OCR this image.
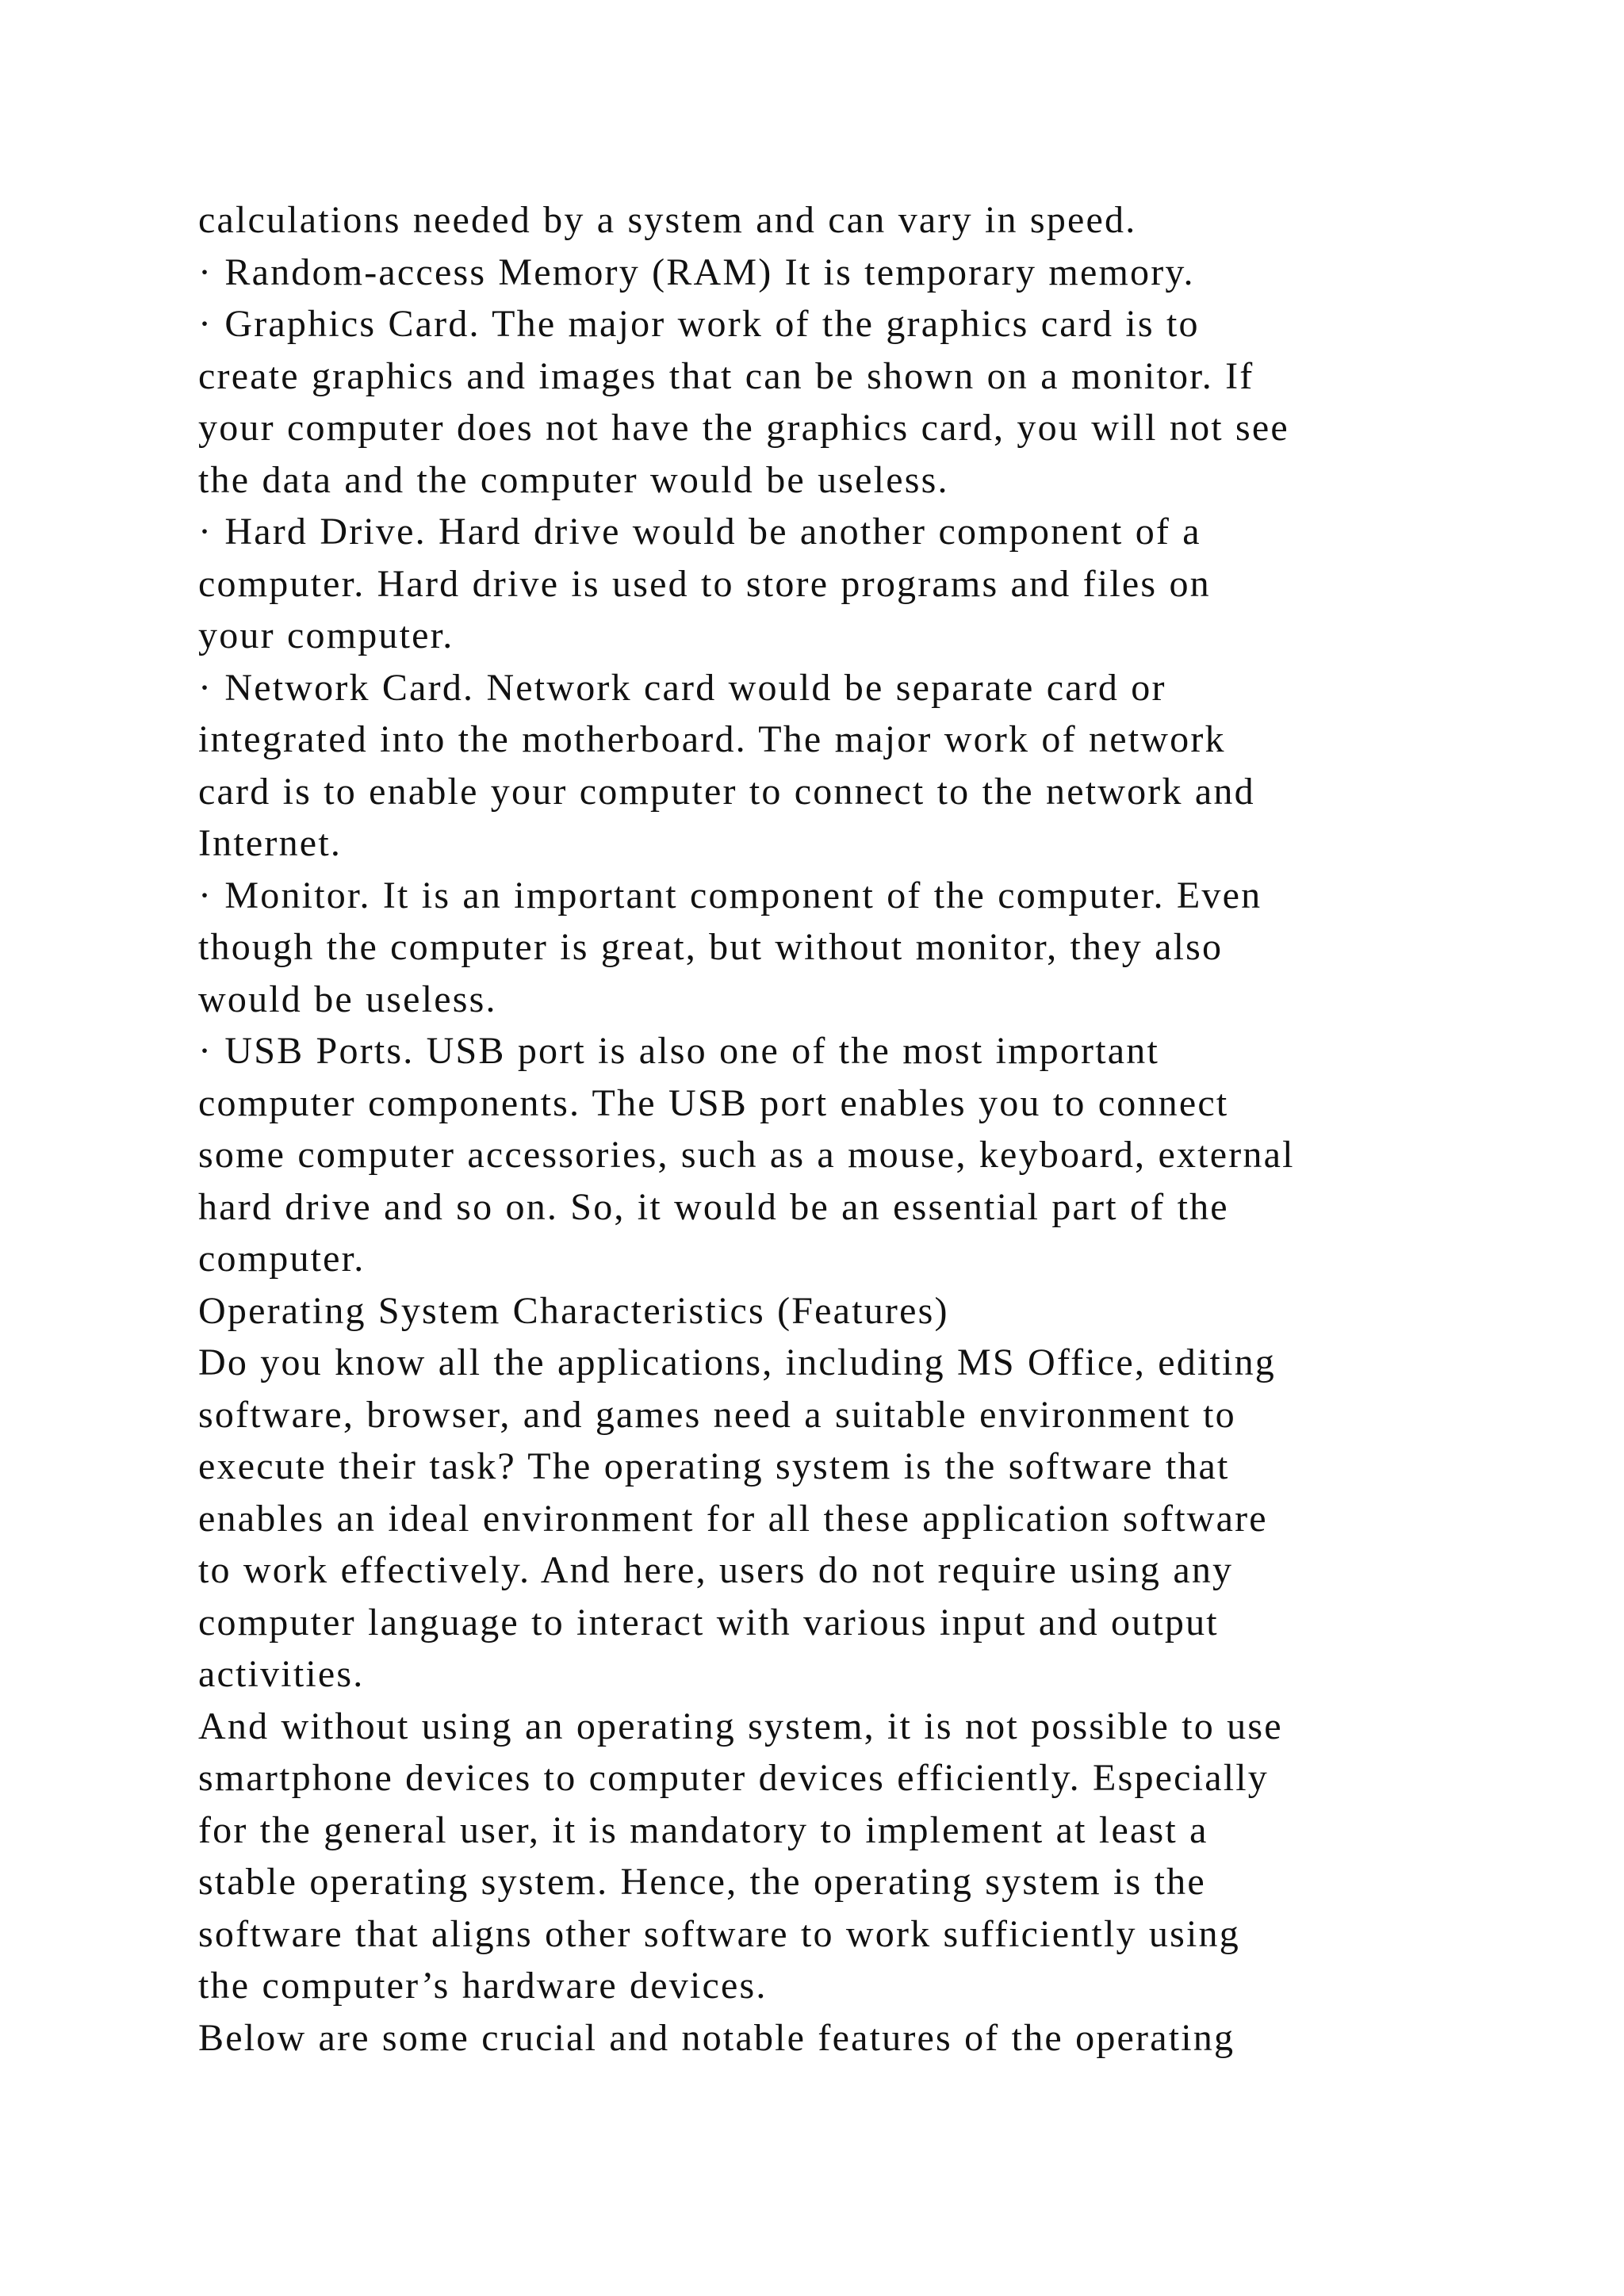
calculations needed by a system and can vary in speed.
· Random-access Memory (RAM) It is temporary memory.
· Graphics Card. The major work of the graphics card is to
create graphics and images that can be shown on a monitor. If
your computer does not have the graphics card, you will not see
the data and the computer would be useless.
· Hard Drive. Hard drive would be another component of a
computer. Hard drive is used to store programs and files on
your computer.
· Network Card. Network card would be separate card or
integrated into the motherboard. The major work of network
card is to enable your computer to connect to the network and
Internet.
· Monitor. It is an important component of the computer. Even
though the computer is great, but without monitor, they also
would be useless.
· USB Ports. USB port is also one of the most important
computer components. The USB port enables you to connect
some computer accessories, such as a mouse, keyboard, external
hard drive and so on. So, it would be an essential part of the
computer.
Operating System Characteristics (Features)
Do you know all the applications, including MS Office, editing
software, browser, and games need a suitable environment to
execute their task? The operating system is the software that
enables an ideal environment for all these application software
to work effectively. And here, users do not require using any
computer language to interact with various input and output
activities.
And without using an operating system, it is not possible to use
smartphone devices to computer devices efficiently. Especially
for the general user, it is mandatory to implement at least a
stable operating system. Hence, the operating system is the
software that aligns other software to work sufficiently using
the computer’s hardware devices.
Below are some crucial and notable features of the operating
